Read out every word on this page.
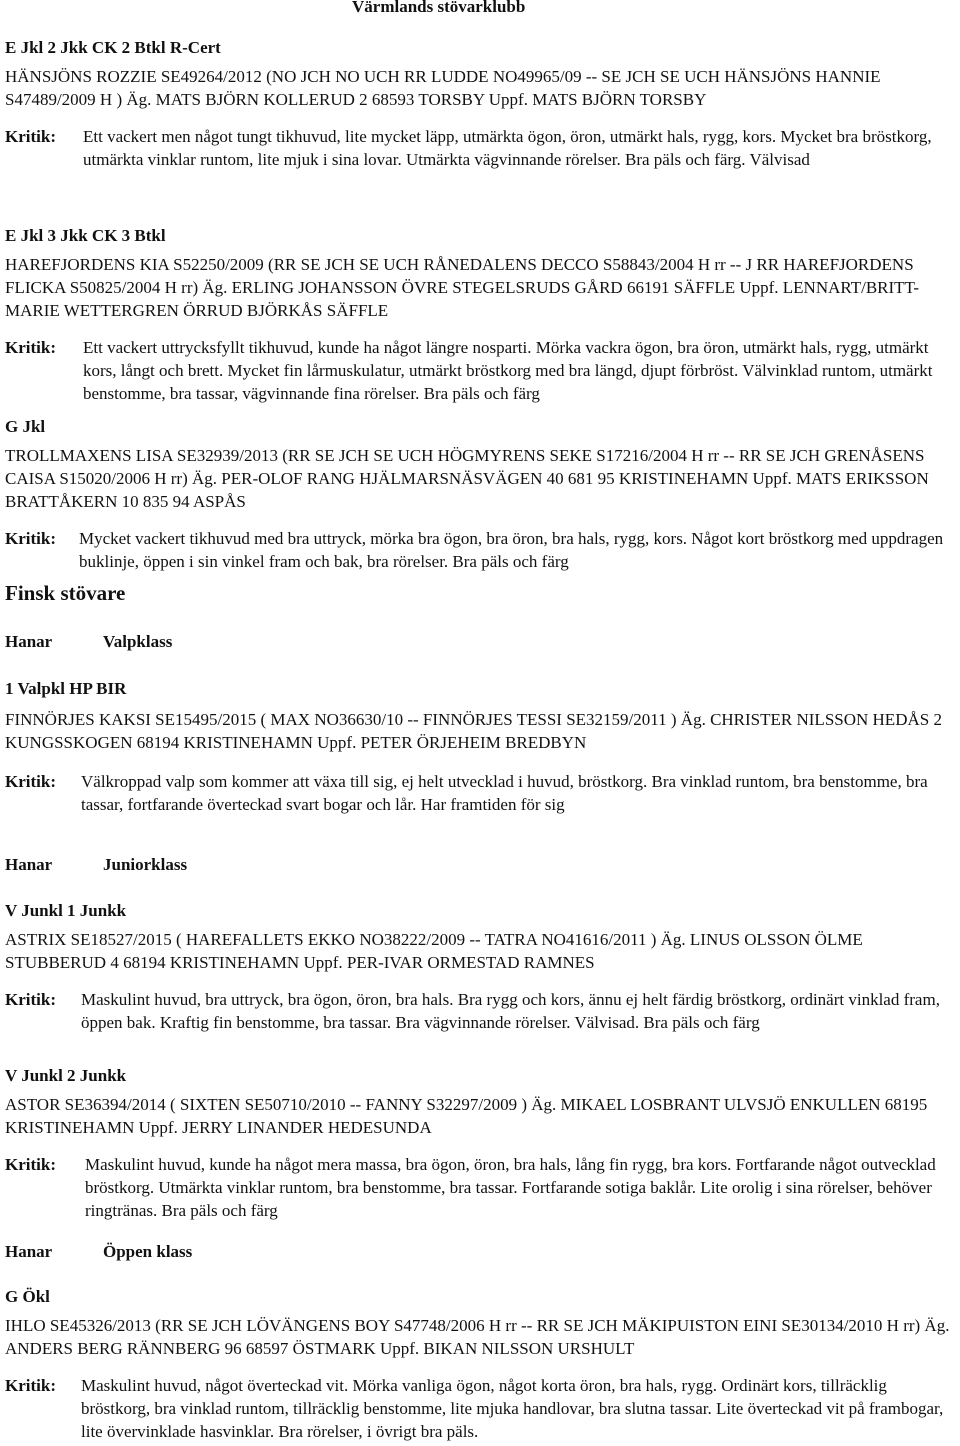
Värmlands stövarklubb
E Jkl 2 Jkk CK 2 Btkl R-Cert
HÄNSJÖNS ROZZIE SE49264/2012 (NO JCH NO UCH RR LUDDE NO49965/09 -- SE JCH SE UCH HÄNSJÖNS HANNIE S47489/2009 H ) Äg. MATS BJÖRN KOLLERUD 2 68593 TORSBY Uppf. MATS BJÖRN TORSBY
Kritik:	Ett vackert men något tungt tikhuvud, lite mycket läpp, utmärkta ögon, öron, utmärkt hals, rygg, kors. Mycket bra bröstkorg, utmärkta vinklar runtom, lite mjuk i sina lovar. Utmärkta vägvinnande rörelser. Bra päls och färg. Välvisad
E Jkl 3 Jkk CK 3 Btkl
HAREFJORDENS KIA S52250/2009 (RR SE JCH SE UCH RÅNEDALENS DECCO S58843/2004 H rr -- J RR HAREFJORDENS FLICKA S50825/2004 H rr) Äg. ERLING JOHANSSON ÖVRE STEGELSRUDS GÅRD 66191 SÄFFLE Uppf. LENNART/BRITT-MARIE WETTERGREN ÖRRUD BJÖRKÅS SÄFFLE
Kritik:	Ett vackert uttrycksfyllt tikhuvud, kunde ha något längre nosparti. Mörka vackra ögon, bra öron, utmärkt hals, rygg, utmärkt kors, långt och brett. Mycket fin lårmuskulatur, utmärkt bröstkorg med bra längd, djupt förbröst. Välvinklad runtom, utmärkt benstomme, bra tassar, vägvinnande fina rörelser. Bra päls och färg
G Jkl
TROLLMAXENS LISA SE32939/2013 (RR SE JCH SE UCH HÖGMYRENS SEKE S17216/2004 H rr -- RR SE JCH GRENÅSENS CAISA S15020/2006 H rr) Äg. PER-OLOF RANG HJÄLMARSNÄSVÄGEN 40 681 95 KRISTINEHAMN Uppf. MATS ERIKSSON BRATTÅKERN 10 835 94 ASPÅS
Kritik:	Mycket vackert tikhuvud med bra uttryck, mörka bra ögon, bra öron, bra hals, rygg, kors. Något kort bröstkorg med uppdragen buklinje, öppen i sin vinkel fram och bak, bra rörelser. Bra päls och färg
Finsk stövare
Hanar	Valpklass
1 Valpkl HP BIR
FINNÖRJES KAKSI SE15495/2015 ( MAX NO36630/10 -- FINNÖRJES TESSI SE32159/2011 ) Äg. CHRISTER NILSSON HEDÅS 2 KUNGSSKOGEN 68194 KRISTINEHAMN Uppf. PETER ÖRJEHEIM BREDBYN
Kritik:	Välkroppad valp som kommer att växa till sig, ej helt utvecklad i huvud, bröstkorg. Bra vinklad runtom, bra benstomme, bra tassar, fortfarande överteckad svart bogar och lår. Har framtiden för sig
Hanar	Juniorklass
V Junkl 1 Junkk
ASTRIX SE18527/2015 ( HAREFALLETS EKKO NO38222/2009 -- TATRA NO41616/2011 ) Äg. LINUS OLSSON ÖLME STUBBERUD 4 68194 KRISTINEHAMN Uppf. PER-IVAR ORMESTAD RAMNES
Kritik:	Maskulint huvud, bra uttryck, bra ögon, öron, bra hals. Bra rygg och kors, ännu ej helt färdig bröstkorg, ordinärt vinklad fram, öppen bak. Kraftig fin benstomme, bra tassar. Bra vägvinnande rörelser. Välvisad. Bra päls och färg
V Junkl 2 Junkk
ASTOR SE36394/2014 ( SIXTEN SE50710/2010 -- FANNY S32297/2009 ) Äg. MIKAEL LOSBRANT ULVSJÖ ENKULLEN 68195 KRISTINEHAMN Uppf. JERRY LINANDER HEDESUNDA
Kritik:	Maskulint huvud, kunde ha något mera massa, bra ögon, öron, bra hals, lång fin rygg, bra kors. Fortfarande något outvecklad bröstkorg. Utmärkta vinklar runtom, bra benstomme, bra tassar. Fortfarande sotiga baklår. Lite orolig i sina rörelser, behöver ringtränas. Bra päls och färg
Hanar	Öppen klass
G Ökl
IHLO SE45326/2013 (RR SE JCH LÖVÄNGENS BOY S47748/2006 H rr -- RR SE JCH MÄKIPUISTON EINI SE30134/2010 H rr) Äg. ANDERS BERG RÄNNBERG 96 68597 ÖSTMARK Uppf. BIKAN NILSSON URSHULT
Kritik:	Maskulint huvud, något överteckad vit. Mörka vanliga ögon, något korta öron, bra hals, rygg. Ordinärt kors, tillräcklig bröstkorg, bra vinklad runtom, tillräcklig benstomme, lite mjuka handlovar, bra slutna tassar. Lite överteckad vit på frambogar, lite övervinklade hasvinklar. Bra rörelser, i övrigt bra päls.
